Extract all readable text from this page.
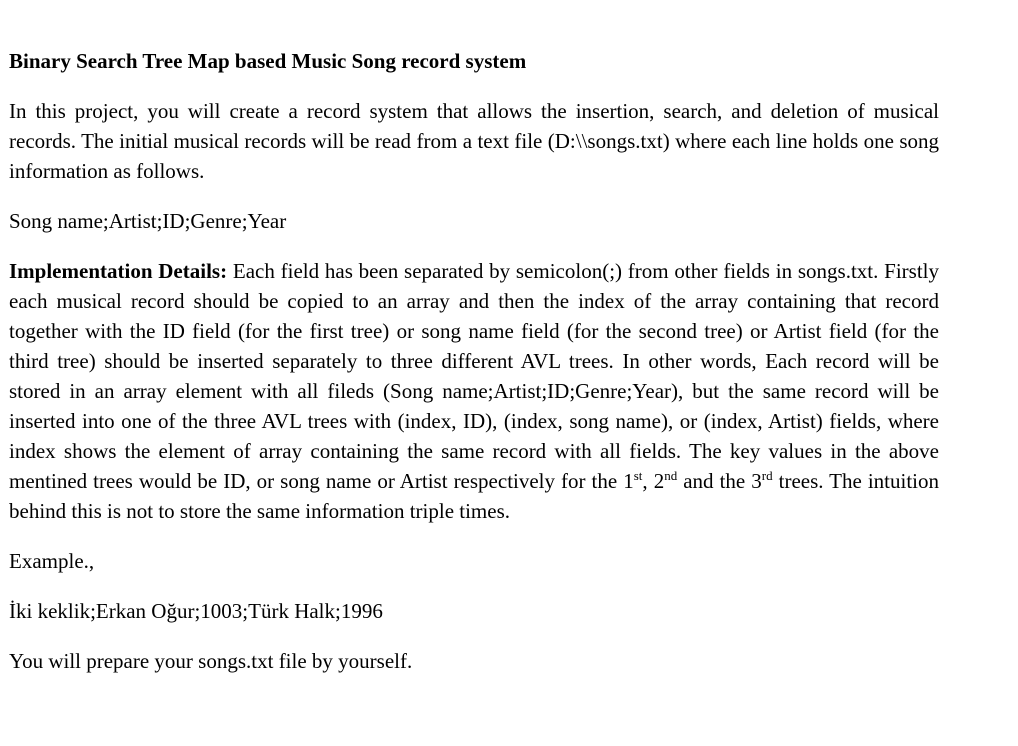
Binary Search Tree Map based Music Song record system

In this project, you will create a record system that allows the insertion, search, and deletion of musical records. The initial musical records will be read from a text file (D:\\songs.txt) where each line holds one song information as follows.

Song name;Artist;ID;Genre;Year

Implementation Details: Each field has been separated by semicolon(;) from other fields in songs.txt. Firstly each musical record should be copied to an array and then the index of the array containing that record together with the ID field (for the first tree) or song name field (for the second tree) or Artist field (for the third tree) should be inserted separately to three different AVL trees. In other words, Each record will be stored in an array element with all fileds (Song name;Artist;ID;Genre;Year), but the same record will be inserted into one of the three AVL trees with (index, ID), (index, song name), or (index, Artist) fields, where index shows the element of array containing the same record with all fields. The key values in the above mentined trees would be ID, or song name or Artist respectively for the 1st, 2nd and the 3rd trees. The intuition behind this is not to store the same information triple times.

Example.,

İki keklik;Erkan Oğur;1003;Türk Halk;1996

You will prepare your songs.txt file by yourself.
